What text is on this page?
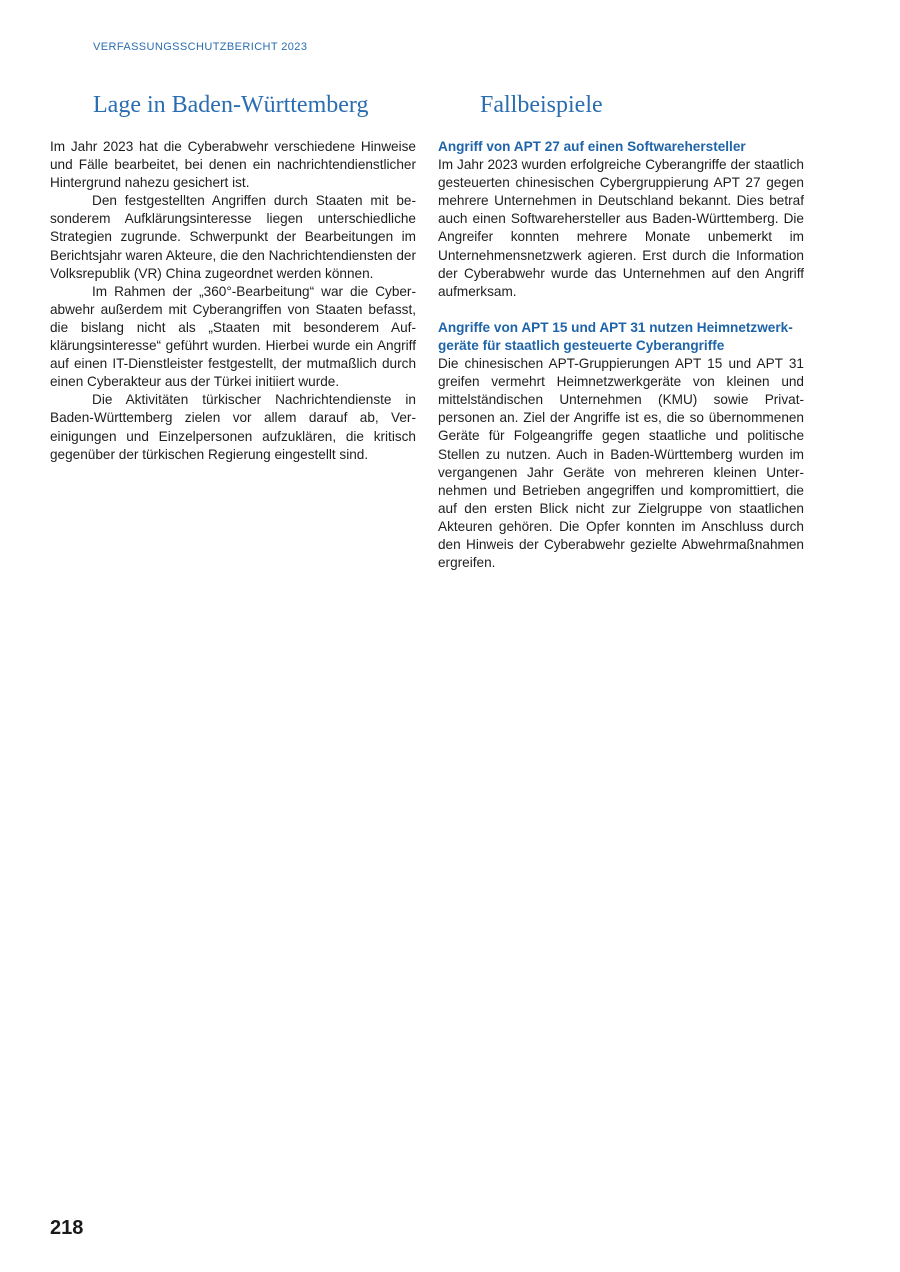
VERFASSUNGSSCHUTZBERICHT 2023
Lage in Baden-Württemberg

Im Jahr 2023 hat die Cyberabwehr verschiedene Hinweise und Fälle bearbeitet, bei denen ein nachrichtendienstlicher Hintergrund nahezu gesichert ist.

Den festgestellten Angriffen durch Staaten mit besonderem Aufklärungsinteresse liegen unterschiedliche Strategien zugrunde. Schwerpunkt der Bearbeitungen im Berichtsjahr waren Akteure, die den Nachrichtendiensten der Volksrepublik (VR) China zugeordnet werden können.

Im Rahmen der „360°-Bearbeitung“ war die Cyberabwehr außerdem mit Cyberangriffen von Staaten befasst, die bislang nicht als „Staaten mit besonderem Aufklärungsinteresse“ geführt wurden. Hierbei wurde ein Angriff auf einen IT-Dienstleister festgestellt, der mutmaßlich durch einen Cyberakteur aus der Türkei initiiert wurde.

Die Aktivitäten türkischer Nachrichtendienste in Baden-Württemberg zielen vor allem darauf ab, Vereinigungen und Einzelpersonen aufzuklären, die kritisch gegenüber der türkischen Regierung eingestellt sind.

Fallbeispiele

Angriff von APT 27 auf einen Softwarehersteller

Im Jahr 2023 wurden erfolgreiche Cyberangriffe der staatlich gesteuerten chinesischen Cybergruppierung APT 27 gegen mehrere Unternehmen in Deutschland bekannt. Dies betraf auch einen Softwarehersteller aus Baden-Württemberg. Die Angreifer konnten mehrere Monate unbemerkt im Unternehmensnetzwerk agieren. Erst durch die Information der Cyberabwehr wurde das Unternehmen auf den Angriff aufmerksam.

Angriffe von APT 15 und APT 31 nutzen Heimnetzwerkgeräte für staatlich gesteuerte Cyberangriffe

Die chinesischen APT-Gruppierungen APT 15 und APT 31 greifen vermehrt Heimnetzwerkgeräte von kleinen und mittelständischen Unternehmen (KMU) sowie Privatpersonen an. Ziel der Angriffe ist es, die so übernommenen Geräte für Folgeangriffe gegen staatliche und politische Stellen zu nutzen. Auch in Baden-Württemberg wurden im vergangenen Jahr Geräte von mehreren kleinen Unternehmen und Betrieben angegriffen und kompromittiert, die auf den ersten Blick nicht zur Zielgruppe von staatlichen Akteuren gehören. Die Opfer konnten im Anschluss durch den Hinweis der Cyberabwehr gezielte Abwehrmaßnahmen ergreifen.

218
